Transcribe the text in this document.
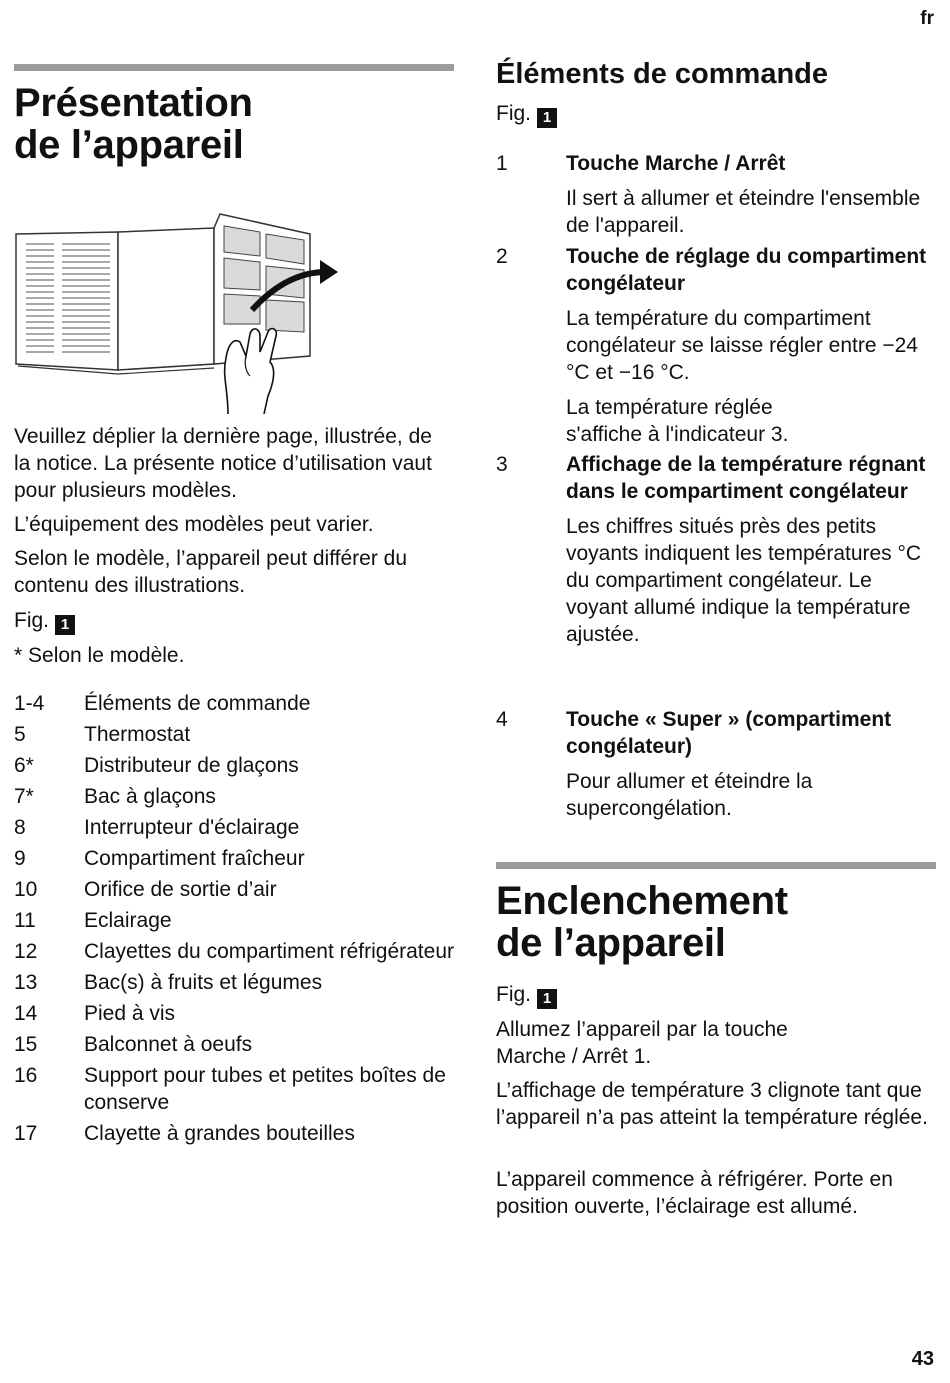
fr
Présentation
de l’appareil
Veuillez déplier la dernière page, illustrée, de la notice. La présente notice d’utilisation vaut pour plusieurs modèles.
L’équipement des modèles peut varier.
Selon le modèle, l’appareil peut différer du contenu des illustrations.
Fig. 1
* Selon le modèle.
1-4	Éléments de commande
5	Thermostat
6*	Distributeur de glaçons
7*	Bac à glaçons
8	Interrupteur d'éclairage
9	Compartiment fraîcheur
10	Orifice de sortie d’air
11	Eclairage
12	Clayettes du compartiment réfrigérateur
13	Bac(s) à fruits et légumes
14	Pied à vis
15	Balconnet à oeufs
16	Support pour tubes et petites boîtes de conserve
17	Clayette à grandes bouteilles
Éléments de commande
Fig. 1
1	Touche Marche / Arrêt
Il sert à allumer et éteindre l'ensemble de l'appareil.
2	Touche de réglage du compartiment congélateur
La température du compartiment congélateur se laisse régler entre −24 °C et −16 °C.
La température réglée s'affiche à l'indicateur 3.
3	Affichage de la température régnant dans le compartiment congélateur
Les chiffres situés près des petits voyants indiquent les températures °C du compartiment congélateur. Le voyant allumé indique la température ajustée.
4	Touche « Super » (compartiment congélateur)
Pour allumer et éteindre la supercongélation.
Enclenchement
de l’appareil
Fig. 1
Allumez l’appareil par la touche Marche / Arrêt 1.
L’affichage de température 3 clignote tant que l’appareil n’a pas atteint la température réglée.
L’appareil commence à réfrigérer. Porte en position ouverte, l’éclairage est allumé.
43
